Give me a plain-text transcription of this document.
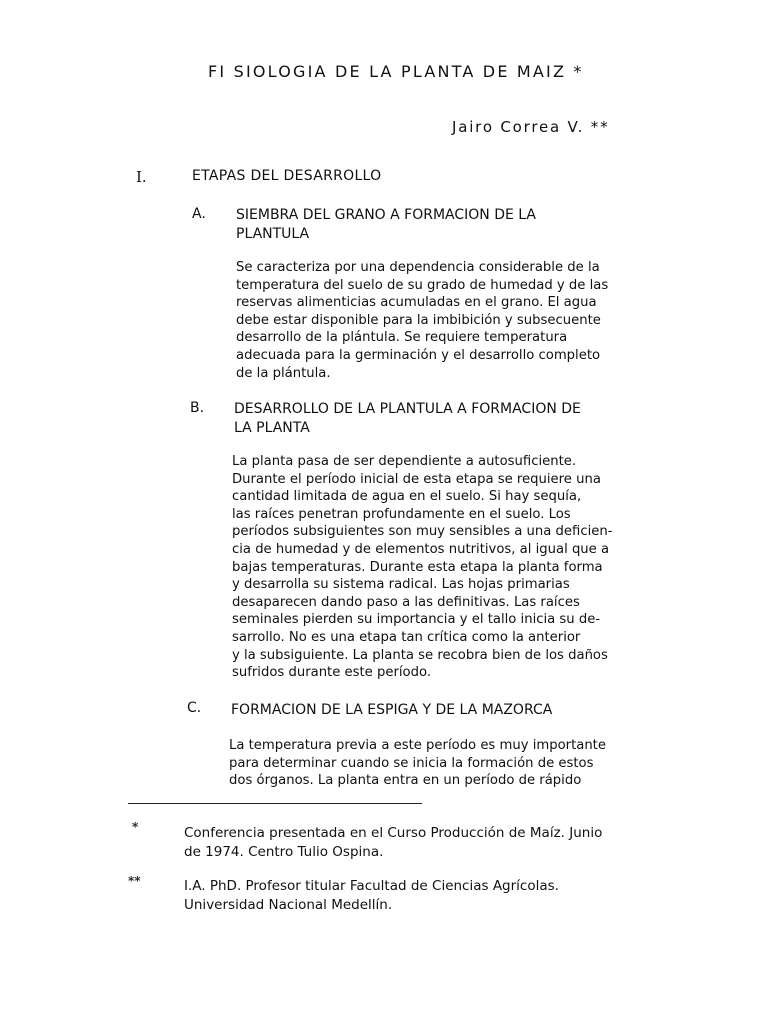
FI SIOLOGIA DE LA PLANTA DE MAIZ *
Jairo Correa V. **
I.	ETAPAS DEL DESARROLLO
A. SIEMBRA DEL GRANO A FORMACION DE LA
PLANTULA
Se caracteriza por una dependencia considerable de la
temperatura del suelo de su grado de humedad y de las
reservas alimenticias acumuladas en el grano. El agua
debe estar disponible para la imbibición y subsecuente
desarrollo de la plántula. Se requiere temperatura
adecuada para la germinación y el desarrollo completo
de la plántula.
B. DESARROLLO DE LA PLANTULA A FORMACION DE
LA PLANTA
La planta pasa de ser dependiente a autosuficiente.
Durante el período inicial de esta etapa se requiere una
cantidad limitada de agua en el suelo. Si hay sequía,
las raíces penetran profundamente en el suelo. Los
períodos subsiguientes son muy sensibles a una deficien-
cia de humedad y de elementos nutritivos, al igual que a
bajas temperaturas. Durante esta etapa la planta forma
y desarrolla su sistema radical. Las hojas primarias
desaparecen dando paso a las definitivas. Las raíces
seminales pierden su importancia y el tallo inicia su de-
sarrollo. No es una etapa tan crítica como la anterior
y la subsiguiente. La planta se recobra bien de los daños
sufridos durante este período.
C. FORMACION DE LA ESPIGA Y DE LA MAZORCA
La temperatura previa a este período es muy importante
para determinar cuando se inicia la formación de estos
dos órganos. La planta entra en un período de rápido
*	Conferencia presentada en el Curso Producción de Maíz. Junio
de 1974. Centro Tulio Ospina.
**	I.A. PhD. Profesor titular Facultad de Ciencias Agrícolas.
Universidad Nacional Medellín.
